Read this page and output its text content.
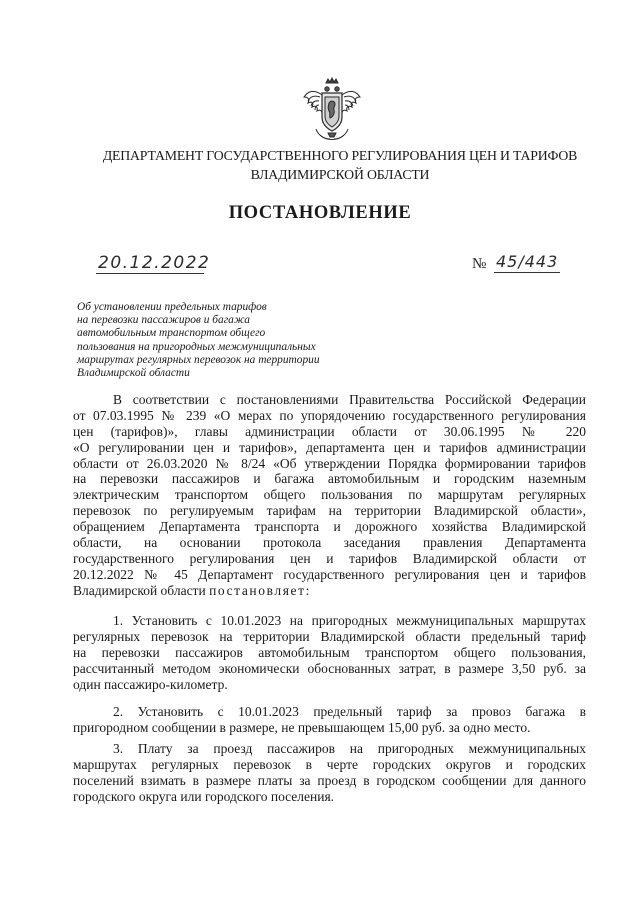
ДЕПАРТАМЕНТ ГОСУДАРСТВЕННОГО РЕГУЛИРОВАНИЯ ЦЕН И ТАРИФОВ
ВЛАДИМИРСКОЙ ОБЛАСТИ
ПОСТАНОВЛЕНИЕ
20.12.2022	№ 45/443
Об установлении предельных тарифов
на перевозки пассажиров и багажа
автомобильным транспортом общего
пользования на пригородных межмуниципальных
маршрутах регулярных перевозок на территории
Владимирской области
В соответствии с постановлениями Правительства Российской Федерации
от 07.03.1995 № 239 «О мерах по упорядочению государственного регулирования
цен (тарифов)», главы администрации области от 30.06.1995 № 220
«О регулировании цен и тарифов», департамента цен и тарифов администрации
области от 26.03.2020 № 8/24 «Об утверждении Порядка формировании тарифов
на перевозки пассажиров и багажа автомобильным и городским наземным
электрическим транспортом общего пользования по маршрутам регулярных
перевозок по регулируемым тарифам на территории Владимирской области»,
обращением Департамента транспорта и дорожного хозяйства Владимирской
области, на основании протокола заседания правления Департамента
государственного регулирования цен и тарифов Владимирской области от
20.12.2022 № 45 Департамент государственного регулирования цен и тарифов
Владимирской области постановляет:
1. Установить с 10.01.2023 на пригородных межмуниципальных маршрутах
регулярных перевозок на территории Владимирской области предельный тариф
на перевозки пассажиров автомобильным транспортом общего пользования,
рассчитанный методом экономически обоснованных затрат, в размере 3,50 руб. за
один пассажиро-километр.
2. Установить с 10.01.2023 предельный тариф за провоз багажа в
пригородном сообщении в размере, не превышающем 15,00 руб. за одно место.
3. Плату за проезд пассажиров на пригородных межмуниципальных
маршрутах регулярных перевозок в черте городских округов и городских
поселений взимать в размере платы за проезд в городском сообщении для данного
городского округа или городского поселения.
